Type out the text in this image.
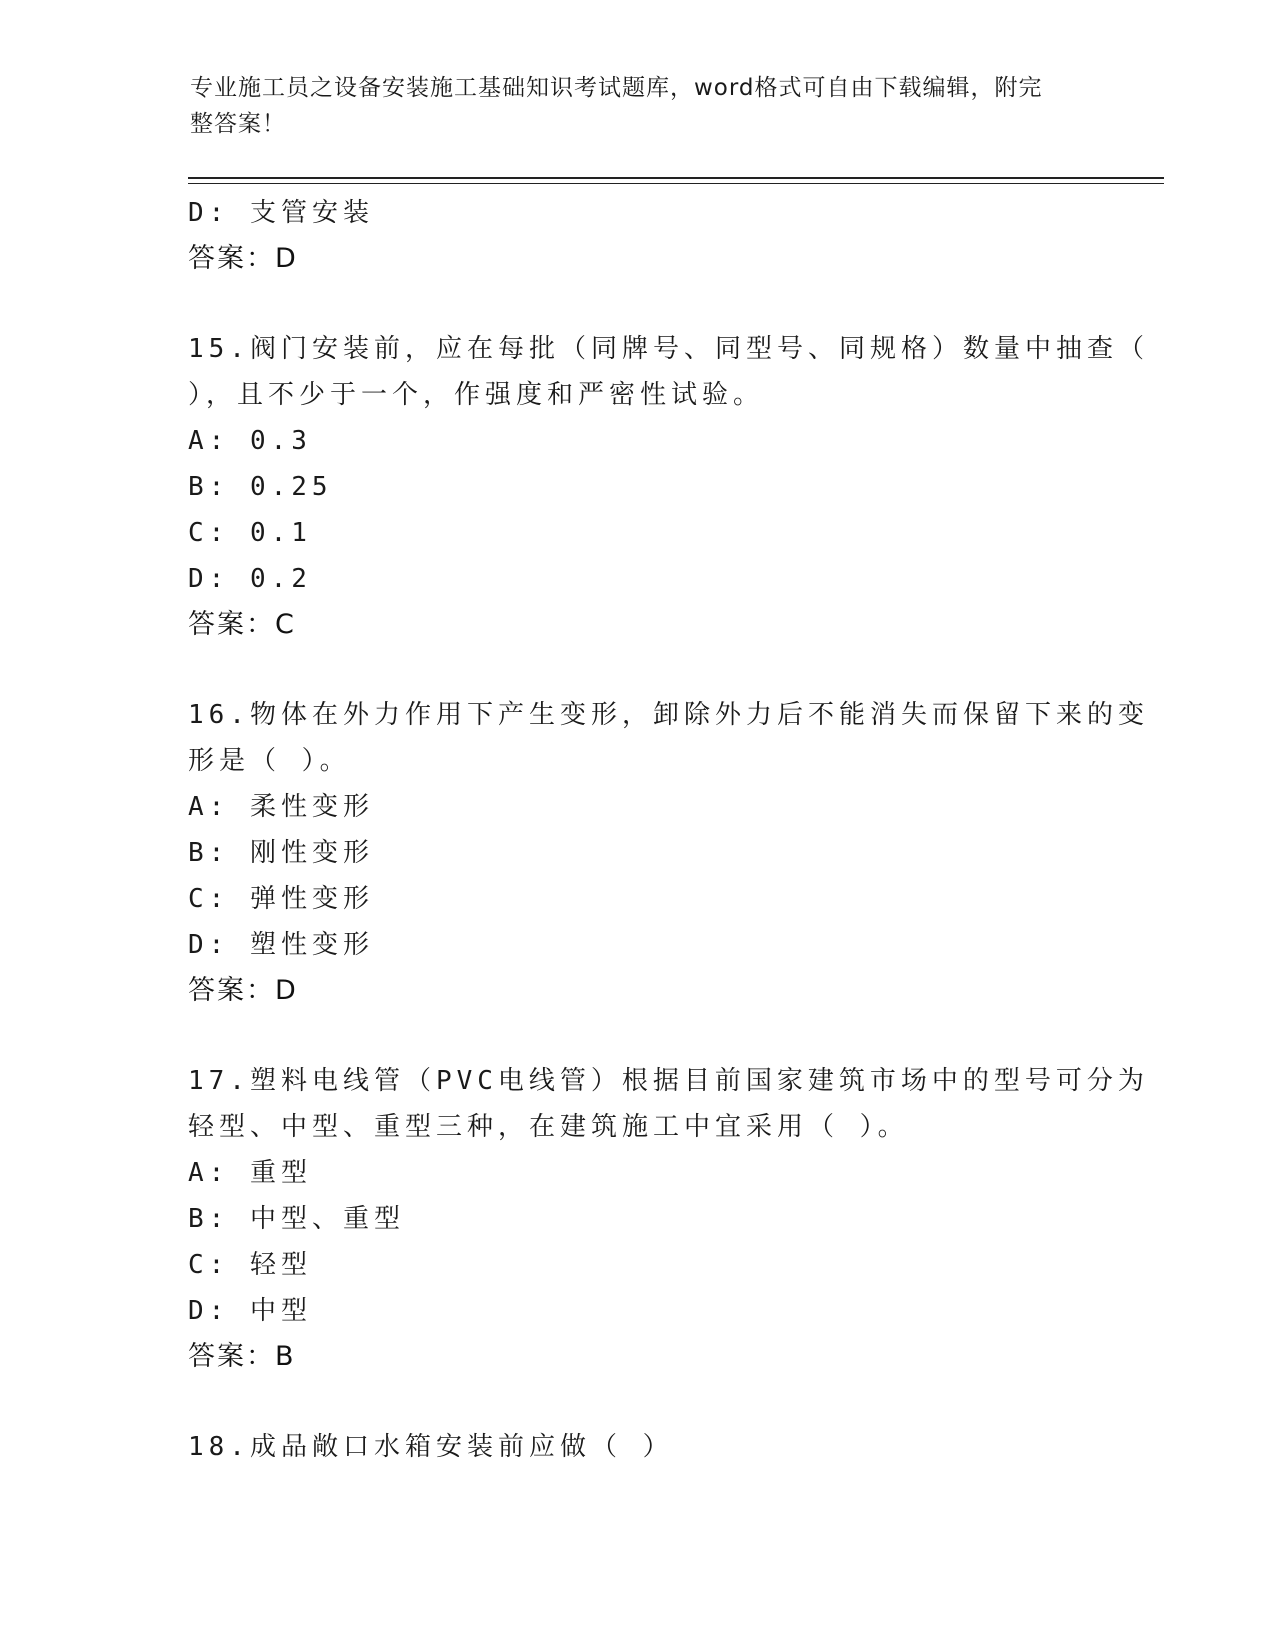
专业施工员之设备安装施工基础知识考试题库，word格式可自由下载编辑，附完
整答案！
D: 支管安装
答案：D
15.阀门安装前，应在每批（同牌号、同型号、同规格）数量中抽查（
），且不少于一个，作强度和严密性试验。
A: 0.3
B: 0.25
C: 0.1
D: 0.2
答案：C
16.物体在外力作用下产生变形，卸除外力后不能消失而保留下来的变
形是（ ）。
A: 柔性变形
B: 刚性变形
C: 弹性变形
D: 塑性变形
答案：D
17.塑料电线管（PVC电线管）根据目前国家建筑市场中的型号可分为
轻型、中型、重型三种，在建筑施工中宜采用（ ）。
A: 重型
B: 中型、重型
C: 轻型
D: 中型
答案：B
18.成品敞口水箱安装前应做（ ）
